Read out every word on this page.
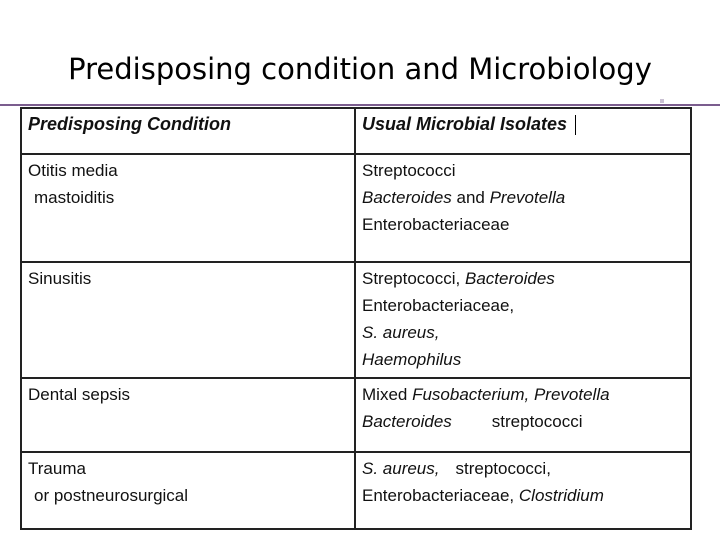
Predisposing condition and Microbiology
Predisposing Condition	Usual Microbial Isolates

Otitis media
mastoiditis	Streptococci
Bacteroides and Prevotella
Enterobacteriaceae

Sinusitis	Streptococci, Bacteroides
Enterobacteriaceae,
S. aureus,
Haemophilus

Dental sepsis	Mixed Fusobacterium, Prevotella
Bacteroides streptococci

Trauma
or postneurosurgical	S. aureus, streptococci,
Enterobacteriaceae, Clostridium
